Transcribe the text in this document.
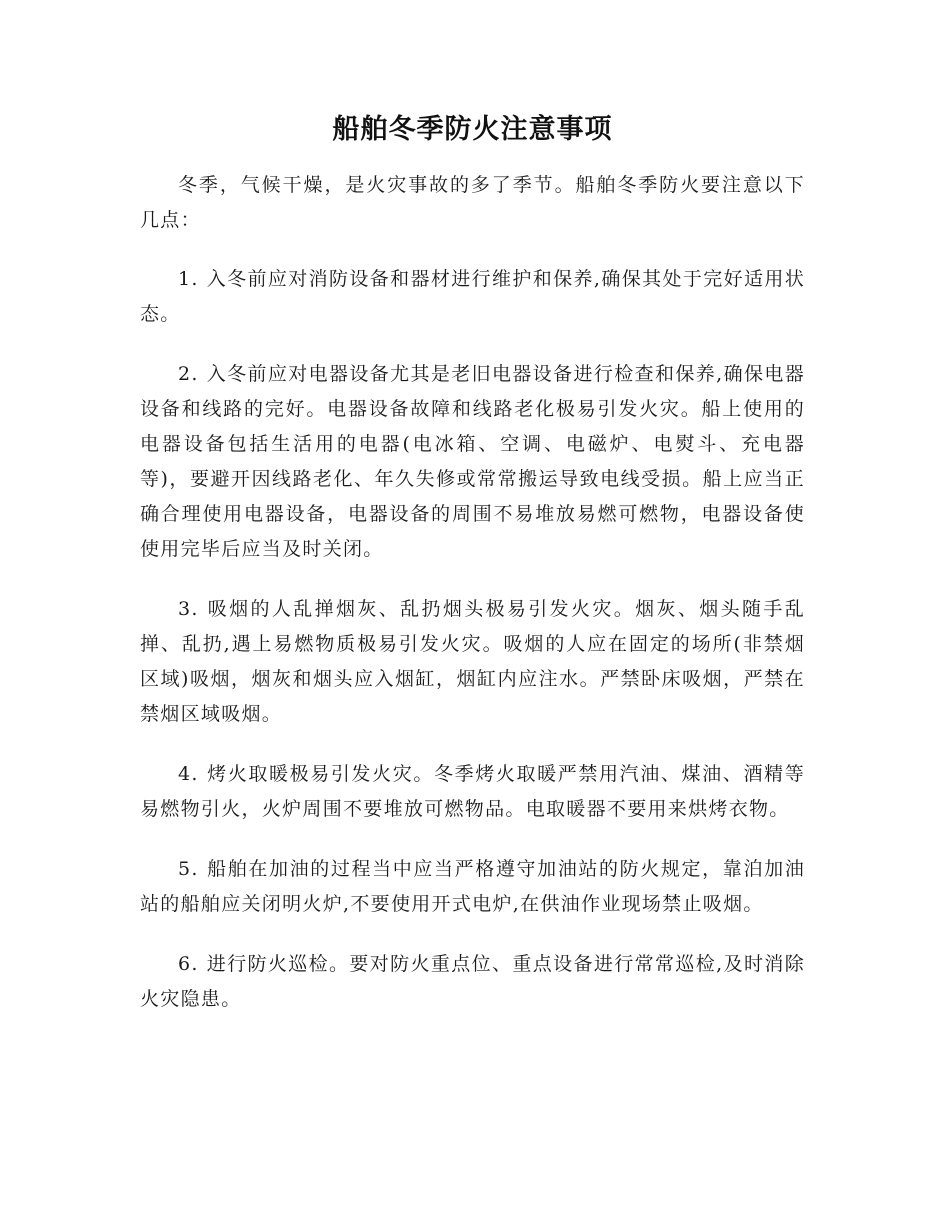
船舶冬季防火注意事项

冬季，气候干燥，是火灾事故的多了季节。船舶冬季防火要注意以下几点：

1. 入冬前应对消防设备和器材进行维护和保养,确保其处于完好适用状态。

2. 入冬前应对电器设备尤其是老旧电器设备进行检查和保养,确保电器设备和线路的完好。电器设备故障和线路老化极易引发火灾。船上使用的电器设备包括生活用的电器(电冰箱、空调、电磁炉、电熨斗、充电器等)，要避开因线路老化、年久失修或常常搬运导致电线受损。船上应当正确合理使用电器设备，电器设备的周围不易堆放易燃可燃物，电器设备使使用完毕后应当及时关闭。

3. 吸烟的人乱掸烟灰、乱扔烟头极易引发火灾。烟灰、烟头随手乱掸、乱扔,遇上易燃物质极易引发火灾。吸烟的人应在固定的场所(非禁烟区域)吸烟，烟灰和烟头应入烟缸，烟缸内应注水。严禁卧床吸烟，严禁在禁烟区域吸烟。

4. 烤火取暖极易引发火灾。冬季烤火取暖严禁用汽油、煤油、酒精等易燃物引火，火炉周围不要堆放可燃物品。电取暖器不要用来烘烤衣物。

5. 船舶在加油的过程当中应当严格遵守加油站的防火规定，靠泊加油站的船舶应关闭明火炉,不要使用开式电炉,在供油作业现场禁止吸烟。

6. 进行防火巡检。要对防火重点位、重点设备进行常常巡检,及时消除火灾隐患。
